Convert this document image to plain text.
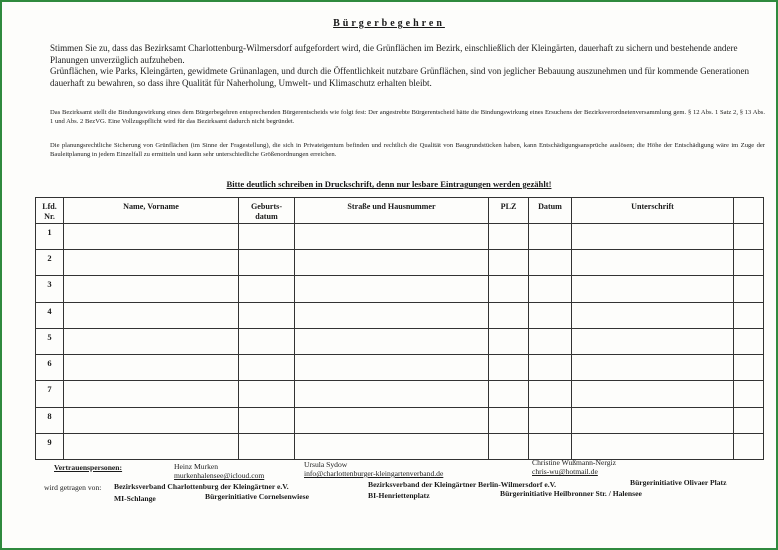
Bürgerbegehren

Stimmen Sie zu, dass das Bezirksamt Charlottenburg-Wilmersdorf aufgefordert wird, die Grünflächen im Bezirk, einschließlich der Kleingärten, dauerhaft zu sichern und bestehende andere Planungen unverzüglich aufzuheben.

Grünflächen, wie Parks, Kleingärten, gewidmete Grünanlagen, und durch die Öffentlichkeit nutzbare Grünflächen, sind von jeglicher Bebauung auszunehmen und für kommende Generationen dauerhaft zu bewahren, so dass ihre Qualität für Naherholung, Umwelt- und Klimaschutz erhalten bleibt.

Das Bezirksamt stellt die Bindungswirkung eines dem Bürgerbegehren entsprechenden Bürgerentscheids wie folgt fest: Der angestrebte Bürgerentscheid hätte die Bindungswirkung eines Ersuchens der Bezirksverordnetenversammlung gem. § 12 Abs. 1 Satz 2, § 13 Abs. 1 und Abs. 2 BezVG. Eine Vollzugspflicht wird für das Bezirksamt dadurch nicht begründet.
Die planungsrechtliche Sicherung von Grünflächen (im Sinne der Fragestellung), die sich in Privateigentum befinden und rechtlich die Qualität von Baugrundstücken haben, kann Entschädigungsansprüche auslösen; die Höhe der Entschädigung wäre im Zuge der Bauleitplanung in jedem Einzelfall zu ermitteln und kann sehr unterschiedliche Größenordnungen erreichen.
Bitte deutlich schreiben in Druckschrift, denn nur lesbare Eintragungen werden gezählt!
Lfd. Nr.	Name, Vorname	Geburts- datum	Straße und Hausnummer	PLZ	Datum	Unterschrift	
1							
2							
3							
4							
5							
6							
7							
8							
9							
Vertrauenspersonen:	Heinz Murken
murkenhalensee@icloud.com
Ursula Sydow
info@charlottenburger-kleingartenverband.de
Christine Wußmann-Nergiz
chris-wu@hotmail.de
wird getragen von: Bezirksverband Charlottenburg der Kleingärtner e.V.	Bezirksverband der Kleingärtner Berlin-Wilmersdorf e.V.	Bürgerinitiative Olivaer Platz
MI-Schlange	Bürgerinitiative Cornelsenwiese	BI-Henriettenplatz	Bürgerinitiative Heilbronner Str. / Halensee
